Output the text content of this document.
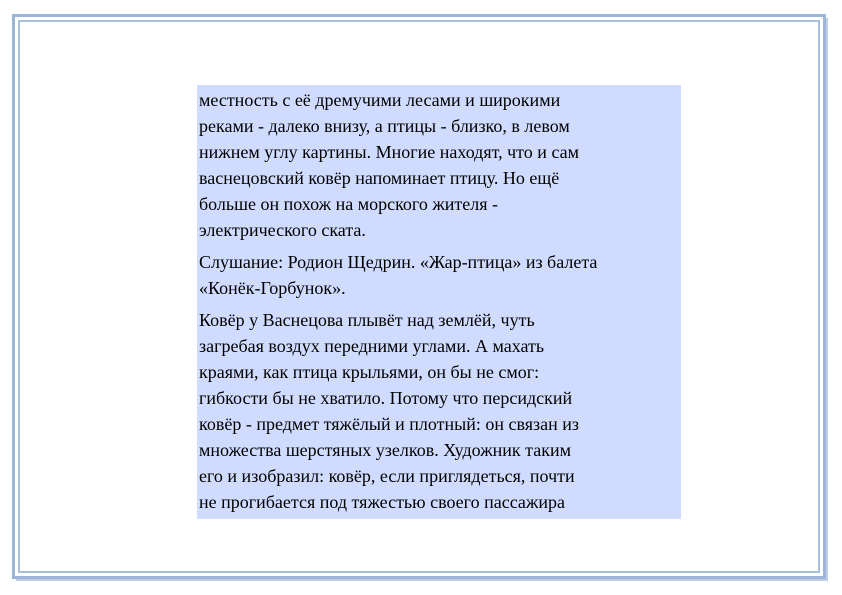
местность с её дремучими лесами и широкими
реками - далеко внизу, а птицы - близко, в левом
нижнем углу картины. Многие находят, что и сам
васнецовский ковёр напоминает птицу. Но ещё
больше он похож на морского жителя -
электрического ската.

Слушание: Родион Щедрин. «Жар-птица» из балета
«Конёк-Горбунок».

Ковёр у Васнецова плывёт над землёй, чуть
загребая воздух передними углами. А махать
краями, как птица крыльями, он бы не смог:
гибкости бы не хватило. Потому что персидский
ковёр - предмет тяжёлый и плотный: он связан из
множества шерстяных узелков. Художник таким
его и изобразил: ковёр, если приглядеться, почти
не прогибается под тяжестью своего пассажира
